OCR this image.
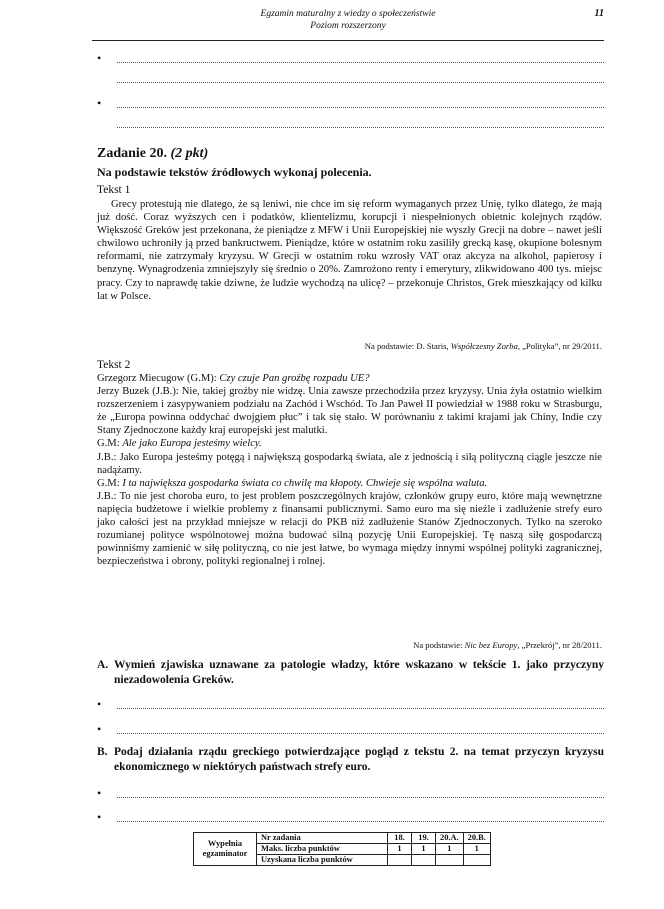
Egzamin maturalny z wiedzy o społeczeństwie
Poziom rozszerzony
11
•
•
Zadanie 20. (2 pkt)
Na podstawie tekstów źródłowych wykonaj polecenia.
Tekst 1

Grecy protestują nie dlatego, że są leniwi, nie chce im się reform wymaganych przez Unię, tylko dlatego, że mają już dość. Coraz wyższych cen i podatków, klientelizmu, korupcji i niespełnionych obietnic kolejnych rządów. Większość Greków jest przekonana, że pieniądze z MFW i Unii Europejskiej nie wyszły Grecji na dobre – nawet jeśli chwilowo uchroniły ją przed bankructwem. Pieniądze, które w ostatnim roku zasiliły grecką kasę, okupione bolesnym reformami, nie zatrzymały kryzysu. W Grecji w ostatnim roku wzrosły VAT oraz akcyza na alkohol, papierosy i benzynę. Wynagrodzenia zmniejszyły się średnio o 20%. Zamrożono renty i emerytury, zlikwidowano 400 tys. miejsc pracy. Czy to naprawdę takie dziwne, że ludzie wychodzą na ulicę? – przekonuje Christos, Grek mieszkający od kilku lat w Polsce.

Na podstawie: D. Staris, Współczesny Zorba, „Polityka”, nr 29/2011.
Tekst 2

Grzegorz Miecugow (G.M): Czy czuje Pan groźbę rozpadu UE?
Jerzy Buzek (J.B.): Nie, takiej groźby nie widzę. Unia zawsze przechodziła przez kryzysy. Unia żyła ostatnio wielkim rozszerzeniem i zasypywaniem podziału na Zachód i Wschód. To Jan Paweł II powiedział w 1988 roku w Strasburgu, że „Europa powinna oddychać dwojgiem płuc” i tak się stało. W porównaniu z takimi krajami jak Chiny, Indie czy Stany Zjednoczone każdy kraj europejski jest malutki.
G.M: Ale jako Europa jesteśmy wielcy.
J.B.: Jako Europa jesteśmy potęgą i największą gospodarką świata, ale z jednością i siłą polityczną ciągle jeszcze nie nadążamy.
G.M: I ta największa gospodarka świata co chwilę ma kłopoty. Chwieje się wspólna waluta.
J.B.: To nie jest choroba euro, to jest problem poszczególnych krajów, członków grupy euro, które mają wewnętrzne napięcia budżetowe i wielkie problemy z finansami publicznymi. Samo euro ma się nieźle i zadłużenie strefy euro jako całości jest na przykład mniejsze w relacji do PKB niż zadłużenie Stanów Zjednoczonych. Tylko na szeroko rozumianej polityce wspólnotowej można budować silną pozycję Unii Europejskiej. Tę naszą siłę gospodarczą powinniśmy zamienić w siłę polityczną, co nie jest łatwe, bo wymaga między innymi wspólnej polityki zagranicznej, bezpieczeństwa i obrony, polityki regionalnej i rolnej.

Na podstawie: Nic bez Europy, „Przekrój”, nr 28/2011.
A. Wymień zjawiska uznawane za patologie władzy, które wskazano w tekście 1. jako przyczyny niezadowolenia Greków.
•
•
B. Podaj działania rządu greckiego potwierdzające pogląd z tekstu 2. na temat przyczyn kryzysu ekonomicznego w niektórych państwach strefy euro.
•
•
Wypełnia
egzaminator	Nr zadania	18.	19.	20.A.	20.B.
	Maks. liczba punktów	1	1	1	1
	Uzyskana liczba punktów				
